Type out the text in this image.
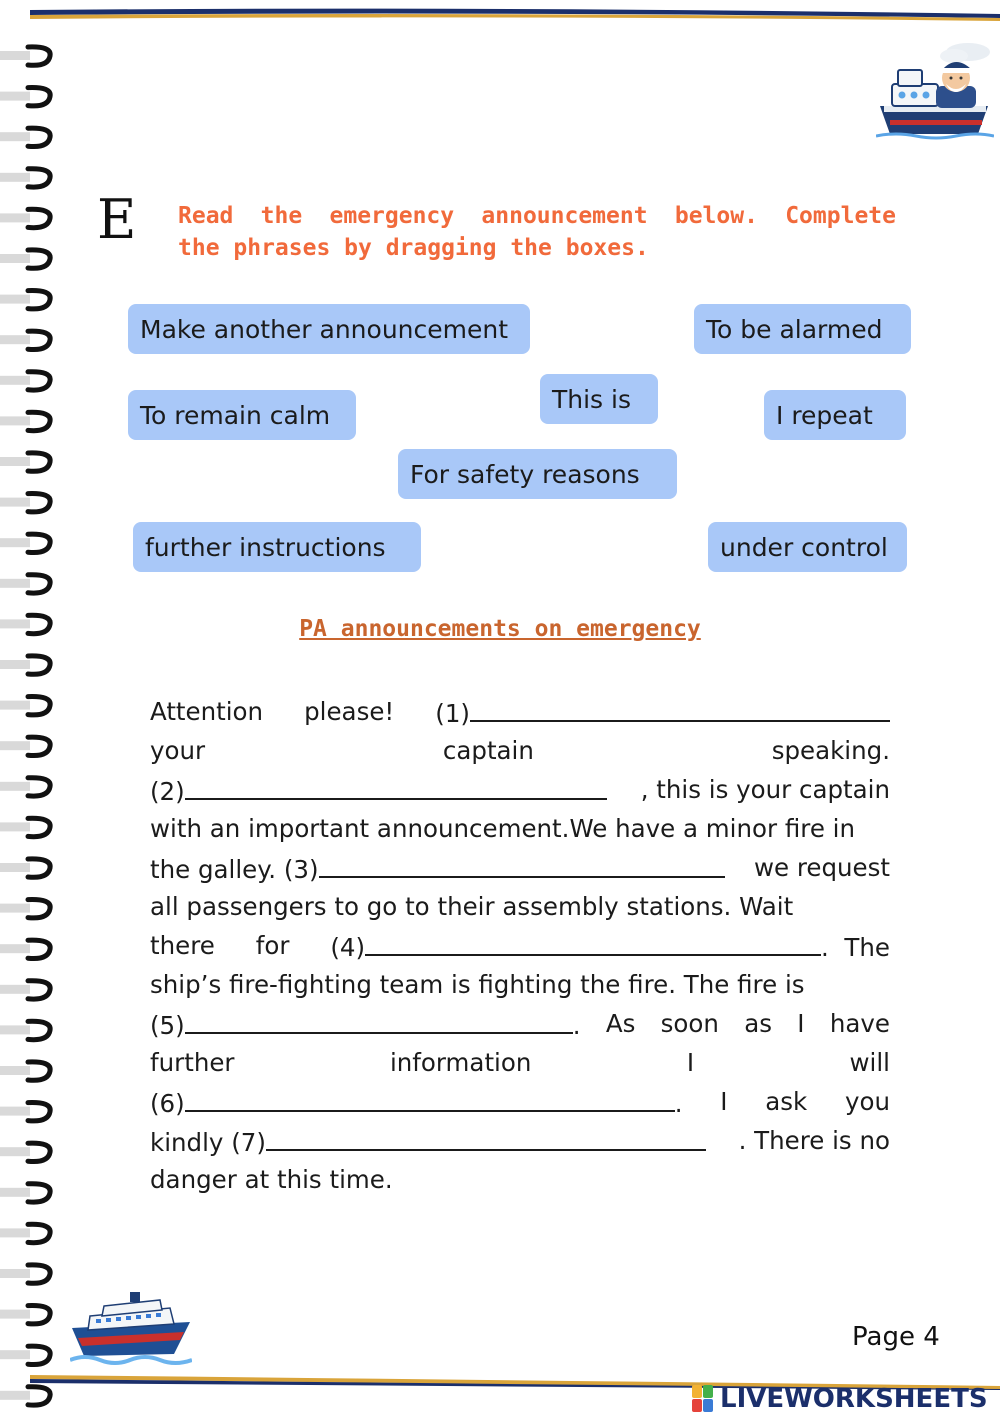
E Read the emergency announcement below. Complete
the phrases by dragging the boxes.
Make another announcement	To be alarmed
This is
To remain calm	I repeat
For safety reasons
further instructions	under control
PA announcements on emergency
Attention please! (1)
your	captain	speaking.
(2)	, this is your captain
with an important announcement.We have a minor fire in
the galley. (3)	we request
all passengers to go to their assembly stations. Wait
there for (4)	.  The
ship’s fire-fighting team is fighting the fire. The fire is
(5)	. As soon as I have
further	information	I	will
(6)	. I ask you
kindly (7)	. There is no
danger at this time.
Page 4
LIVEWORKSHEETS
